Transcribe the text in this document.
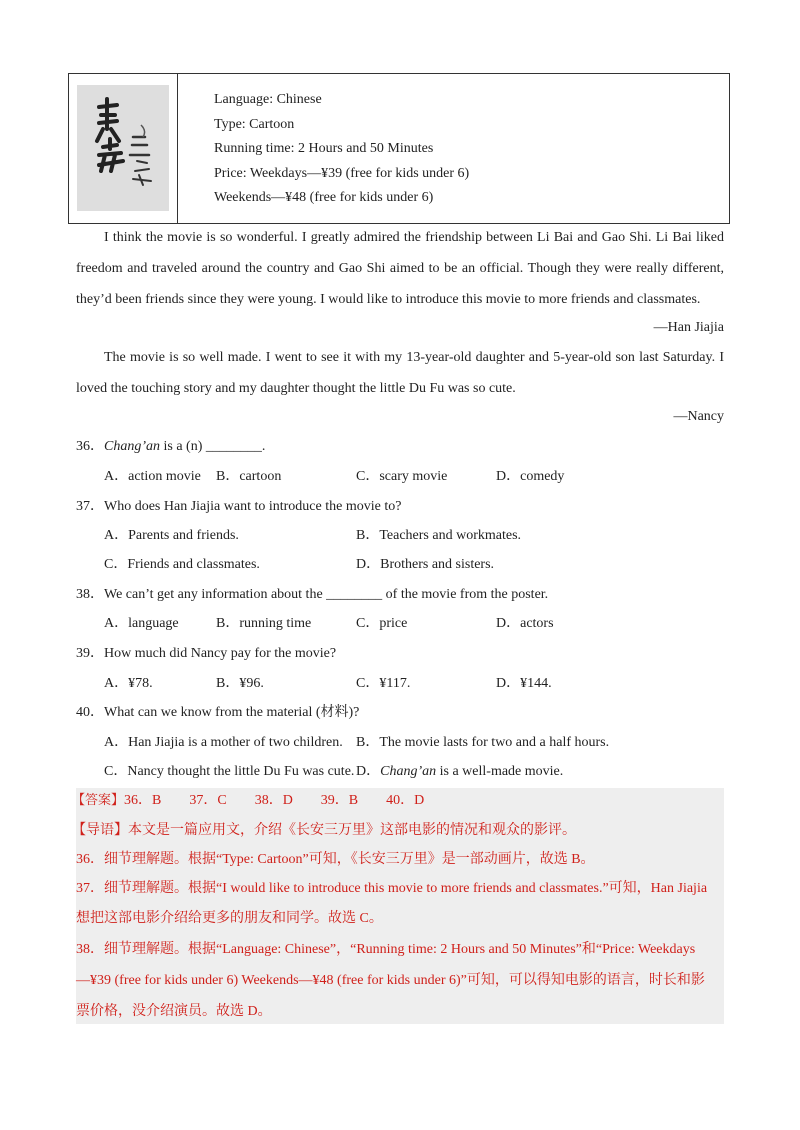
Language: Chinese
Type: Cartoon
Running time: 2 Hours and 50 Minutes
Price: Weekdays—¥39 (free for kids under 6)
Weekends—¥48 (free for kids under 6)
I think the movie is so wonderful. I greatly admired the friendship between Li Bai and Gao Shi. Li Bai liked freedom and traveled around the country and Gao Shi aimed to be an official. Though they were really different, they’d been friends since they were young. I would like to introduce this movie to more friends and classmates.
—Han Jiajia
The movie is so well made. I went to see it with my 13-year-old daughter and 5-year-old son last Saturday. I loved the touching story and my daughter thought the little Du Fu was so cute.
—Nancy
36．Chang’an is a (n) ________.
A．action movie B．cartoon	C．scary movie	D．comedy
37．Who does Han Jiajia want to introduce the movie to?
A．Parents and friends.	B．Teachers and workmates.
C．Friends and classmates.	D．Brothers and sisters.
38．We can’t get any information about the ________ of the movie from the poster.
A．language	B．running time	C．price	D．actors
39．How much did Nancy pay for the movie?
A．¥78.	B．¥96.	C．¥117.	D．¥144.
40．What can we know from the material (材料)?
A．Han Jiajia is a mother of two children. B．The movie lasts for two and a half hours.
C．Nancy thought the little Du Fu was cute. D．Chang’an is a well-made movie.
【答案】36．B　　37．C　　38．D　　39．B　　40．D
【导语】本文是一篇应用文，介绍《长安三万里》这部电影的情况和观众的影评。
36．细节理解题。根据“Type: Cartoon”可知，《长安三万里》是一部动画片，故选 B。
37．细节理解题。根据“I would like to introduce this movie to more friends and classmates.”可知，Han Jiajia
想把这部电影介绍给更多的朋友和同学。故选 C。
38．细节理解题。根据“Language: Chinese”，“Running time: 2 Hours and 50 Minutes”和“Price: Weekdays
—¥39 (free for kids under 6) Weekends—¥48 (free for kids under 6)”可知，可以得知电影的语言，时长和影
票价格，没介绍演员。故选 D。
